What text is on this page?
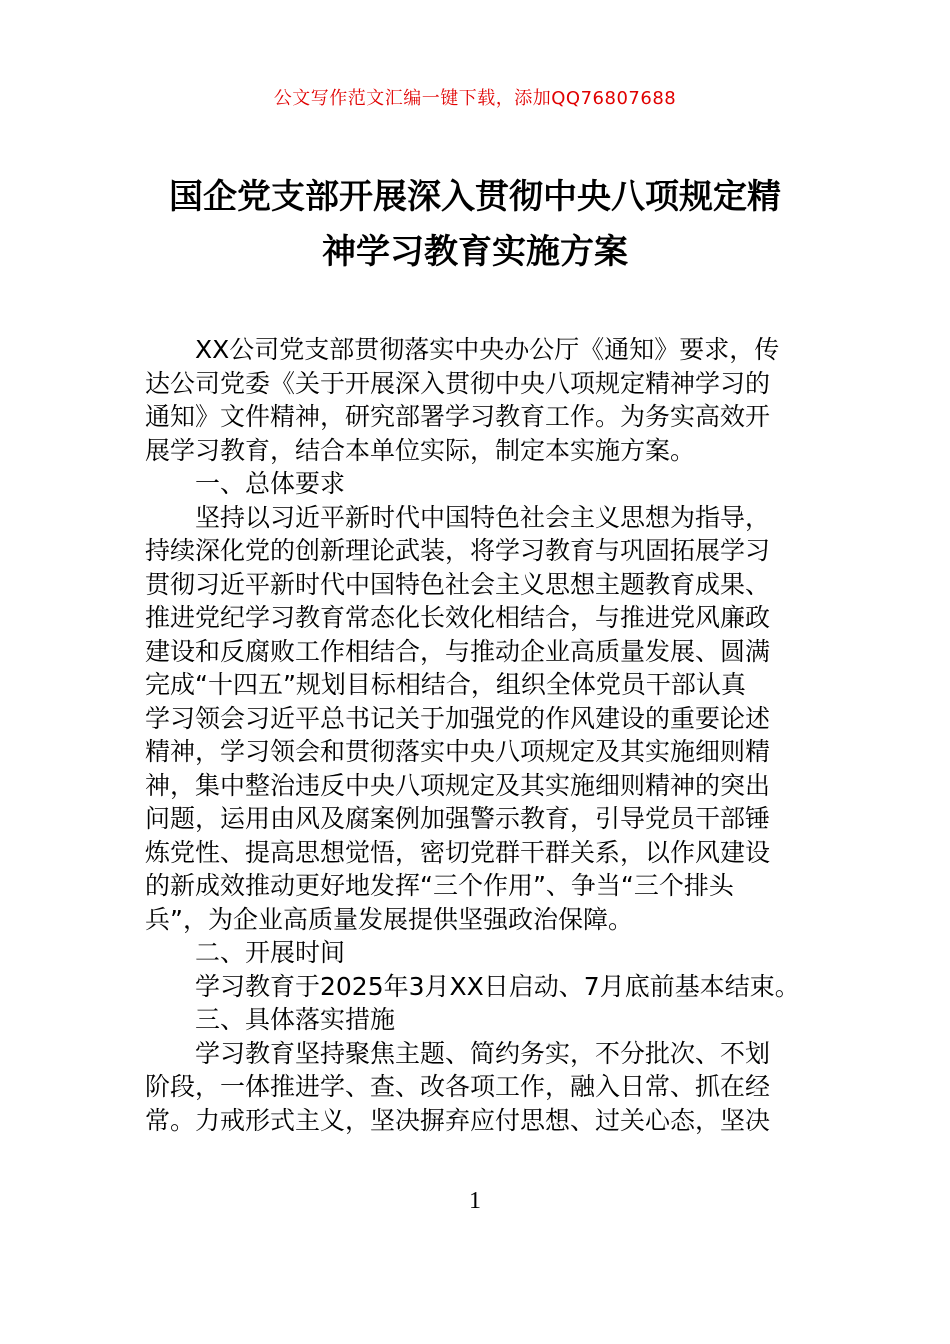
公文写作范文汇编一键下载，添加QQ76807688
国企党支部开展深入贯彻中央八项规定精
神学习教育实施方案
XX公司党支部贯彻落实中央办公厅《通知》要求，传
达公司党委《关于开展深入贯彻中央八项规定精神学习的
通知》文件精神，研究部署学习教育工作。为务实高效开
展学习教育，结合本单位实际，制定本实施方案。
一、总体要求
坚持以习近平新时代中国特色社会主义思想为指导，
持续深化党的创新理论武装，将学习教育与巩固拓展学习
贯彻习近平新时代中国特色社会主义思想主题教育成果、
推进党纪学习教育常态化长效化相结合，与推进党风廉政
建设和反腐败工作相结合，与推动企业高质量发展、圆满
完成“十四五”规划目标相结合，组织全体党员干部认真
学习领会习近平总书记关于加强党的作风建设的重要论述
精神，学习领会和贯彻落实中央八项规定及其实施细则精
神，集中整治违反中央八项规定及其实施细则精神的突出
问题，运用由风及腐案例加强警示教育，引导党员干部锤
炼党性、提高思想觉悟，密切党群干群关系，以作风建设
的新成效推动更好地发挥“三个作用”、争当“三个排头
兵”，为企业高质量发展提供坚强政治保障。
二、开展时间
学习教育于2025年3月XX日启动、7月底前基本结束。
三、具体落实措施
学习教育坚持聚焦主题、简约务实，不分批次、不划
阶段，一体推进学、查、改各项工作，融入日常、抓在经
常。力戒形式主义，坚决摒弃应付思想、过关心态，坚决
1
